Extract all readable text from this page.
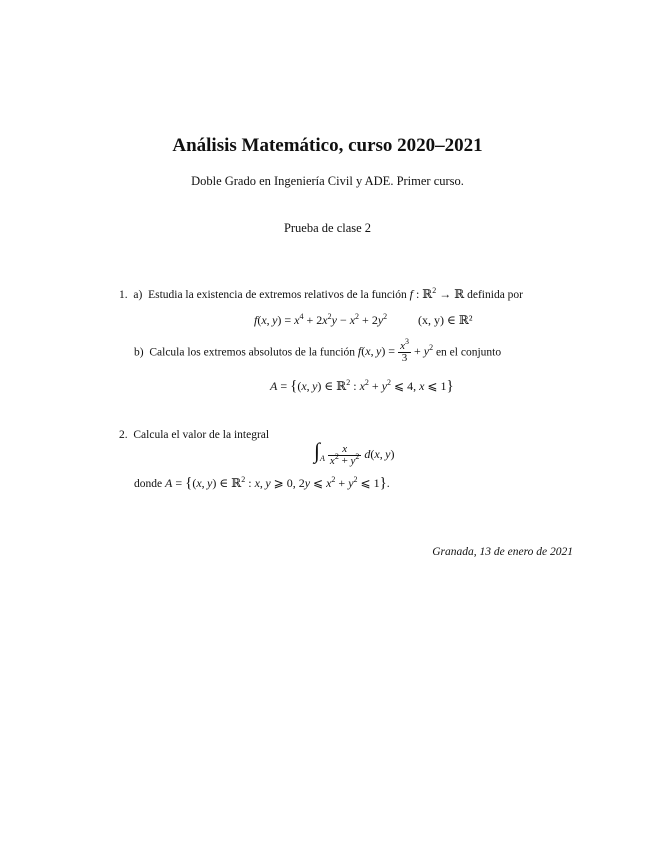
Análisis Matemático, curso 2020–2021
Doble Grado en Ingeniería Civil y ADE. Primer curso.
Prueba de clase 2
1. a) Estudia la existencia de extremos relativos de la función f : ℝ$^2$ → ℝ definida por
f(x, $y) = x^4 + 2x^2y - x^2 + 2y^2$	(x, y) ∈ ℝ²
b) Calcula los extremos absolutos de la función f(x, $y) = \frac{x^3}{3} + y^2$ en el conjunto
A = {(x, y) ∈ ℝ$^2$ : $x^2 + y^2$ ⩽ 4, x ⩽ 1}
2. Calcula el valor de la integral
$\int_A \frac{x}{x^2 + y^2} d(x$, y)
donde A = {(x, y) ∈ ℝ$^2$ : x, y ⩾ 0, 2y ⩽ $x^2 + y^2$ ⩽ 1}.
Granada, 13 de enero de 2021
